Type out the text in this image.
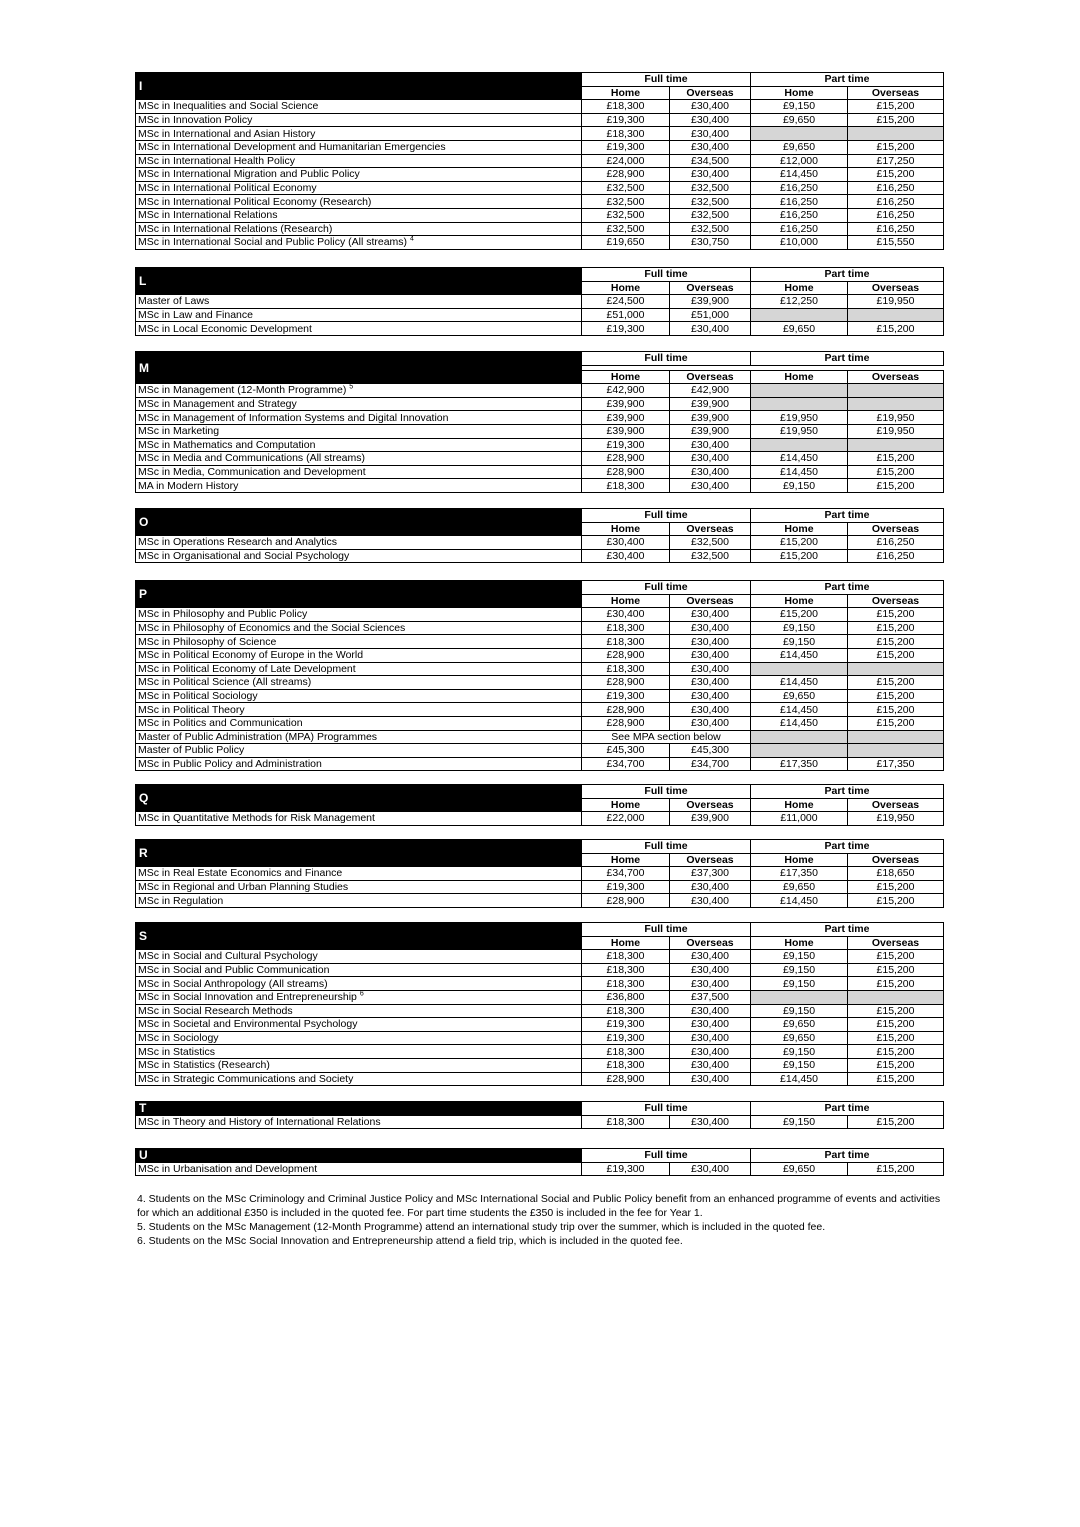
I	Full time		Part time	
	Home	Overseas	Home	Overseas
MSc in Inequalities and Social Science	£18,300	£30,400	£9,150	£15,200
MSc in Innovation Policy	£19,300	£30,400	£9,650	£15,200
MSc in International and Asian History	£18,300	£30,400		
MSc in International Development and Humanitarian Emergencies	£19,300	£30,400	£9,650	£15,200
MSc in International Health Policy	£24,000	£34,500	£12,000	£17,250
MSc in International Migration and Public Policy	£28,900	£30,400	£14,450	£15,200
MSc in International Political Economy	£32,500	£32,500	£16,250	£16,250
MSc in International Political Economy (Research)	£32,500	£32,500	£16,250	£16,250
MSc in International Relations	£32,500	£32,500	£16,250	£16,250
MSc in International Relations (Research)	£32,500	£32,500	£16,250	£16,250
MSc in International Social and Public Policy (All streams) $^4$	£19,650	£30,750	£10,000	£15,550
L	Full time		Part time	
	Home	Overseas	Home	Overseas
Master of Laws	£24,500	£39,900	£12,250	£19,950
MSc in Law and Finance	£51,000	£51,000		
MSc in Local Economic Development	£19,300	£30,400	£9,650	£15,200
M	Full time		Part time	

	Home	Overseas	Home	Overseas
MSc in Management (12-Month Programme) $^5$	£42,900	£42,900		
MSc in Management and Strategy	£39,900	£39,900		
MSc in Management of Information Systems and Digital Innovation	£39,900	£39,900	£19,950	£19,950
MSc in Marketing	£39,900	£39,900	£19,950	£19,950
MSc in Mathematics and Computation	£19,300	£30,400		
MSc in Media and Communications (All streams)	£28,900	£30,400	£14,450	£15,200
MSc in Media, Communication and Development	£28,900	£30,400	£14,450	£15,200
MA in Modern History	£18,300	£30,400	£9,150	£15,200
O	Full time		Part time	
	Home	Overseas	Home	Overseas
MSc in Operations Research and Analytics	£30,400	£32,500	£15,200	£16,250
MSc in Organisational and Social Psychology	£30,400	£32,500	£15,200	£16,250
P	Full time		Part time	
	Home	Overseas	Home	Overseas
MSc in Philosophy and Public Policy	£30,400	£30,400	£15,200	£15,200
MSc in Philosophy of Economics and the Social Sciences	£18,300	£30,400	£9,150	£15,200
MSc in Philosophy of Science	£18,300	£30,400	£9,150	£15,200
MSc in Political Economy of Europe in the World	£28,900	£30,400	£14,450	£15,200
MSc in Political Economy of Late Development	£18,300	£30,400		
MSc in Political Science (All streams)	£28,900	£30,400	£14,450	£15,200
MSc in Political Sociology	£19,300	£30,400	£9,650	£15,200
MSc in Political Theory	£28,900	£30,400	£14,450	£15,200
MSc in Politics and Communication	£28,900	£30,400	£14,450	£15,200
Master of Public Administration (MPA) Programmes	See MPA section below			
Master of Public Policy	£45,300	£45,300		
MSc in Public Policy and Administration	£34,700	£34,700	£17,350	£17,350
Q	Full time		Part time	
	Home	Overseas	Home	Overseas
MSc in Quantitative Methods for Risk Management	£22,000	£39,900	£11,000	£19,950
R	Full time		Part time	
	Home	Overseas	Home	Overseas
MSc in Real Estate Economics and Finance	£34,700	£37,300	£17,350	£18,650
MSc in Regional and Urban Planning Studies	£19,300	£30,400	£9,650	£15,200
MSc in Regulation	£28,900	£30,400	£14,450	£15,200
S	Full time		Part time	
	Home	Overseas	Home	Overseas
MSc in Social and Cultural Psychology	£18,300	£30,400	£9,150	£15,200
MSc in Social and Public Communication	£18,300	£30,400	£9,150	£15,200
MSc in Social Anthropology (All streams)	£18,300	£30,400	£9,150	£15,200
MSc in Social Innovation and Entrepreneurship $^6$	£36,800	£37,500		
MSc in Social Research Methods	£18,300	£30,400	£9,150	£15,200
MSc in Societal and Environmental Psychology	£19,300	£30,400	£9,650	£15,200
MSc in Sociology	£19,300	£30,400	£9,650	£15,200
MSc in Statistics	£18,300	£30,400	£9,150	£15,200
MSc in Statistics (Research)	£18,300	£30,400	£9,150	£15,200
MSc in Strategic Communications and Society	£28,900	£30,400	£14,450	£15,200
T	Full time		Part time	
MSc in Theory and History of International Relations	£18,300	£30,400	£9,150	£15,200
U	Full time		Part time	
MSc in Urbanisation and Development	£19,300	£30,400	£9,650	£15,200

4. Students on the MSc Criminology and Criminal Justice Policy and MSc International Social and Public Policy benefit from an enhanced programme of events and activities for which an additional £350 is included in the quoted fee. For part time students the £350 is included in the fee for Year 1.

5. Students on the MSc Management (12-Month Programme) attend an international study trip over the summer, which is included in the quoted fee.

6. Students on the MSc Social Innovation and Entrepreneurship attend a field trip, which is included in the quoted fee.
